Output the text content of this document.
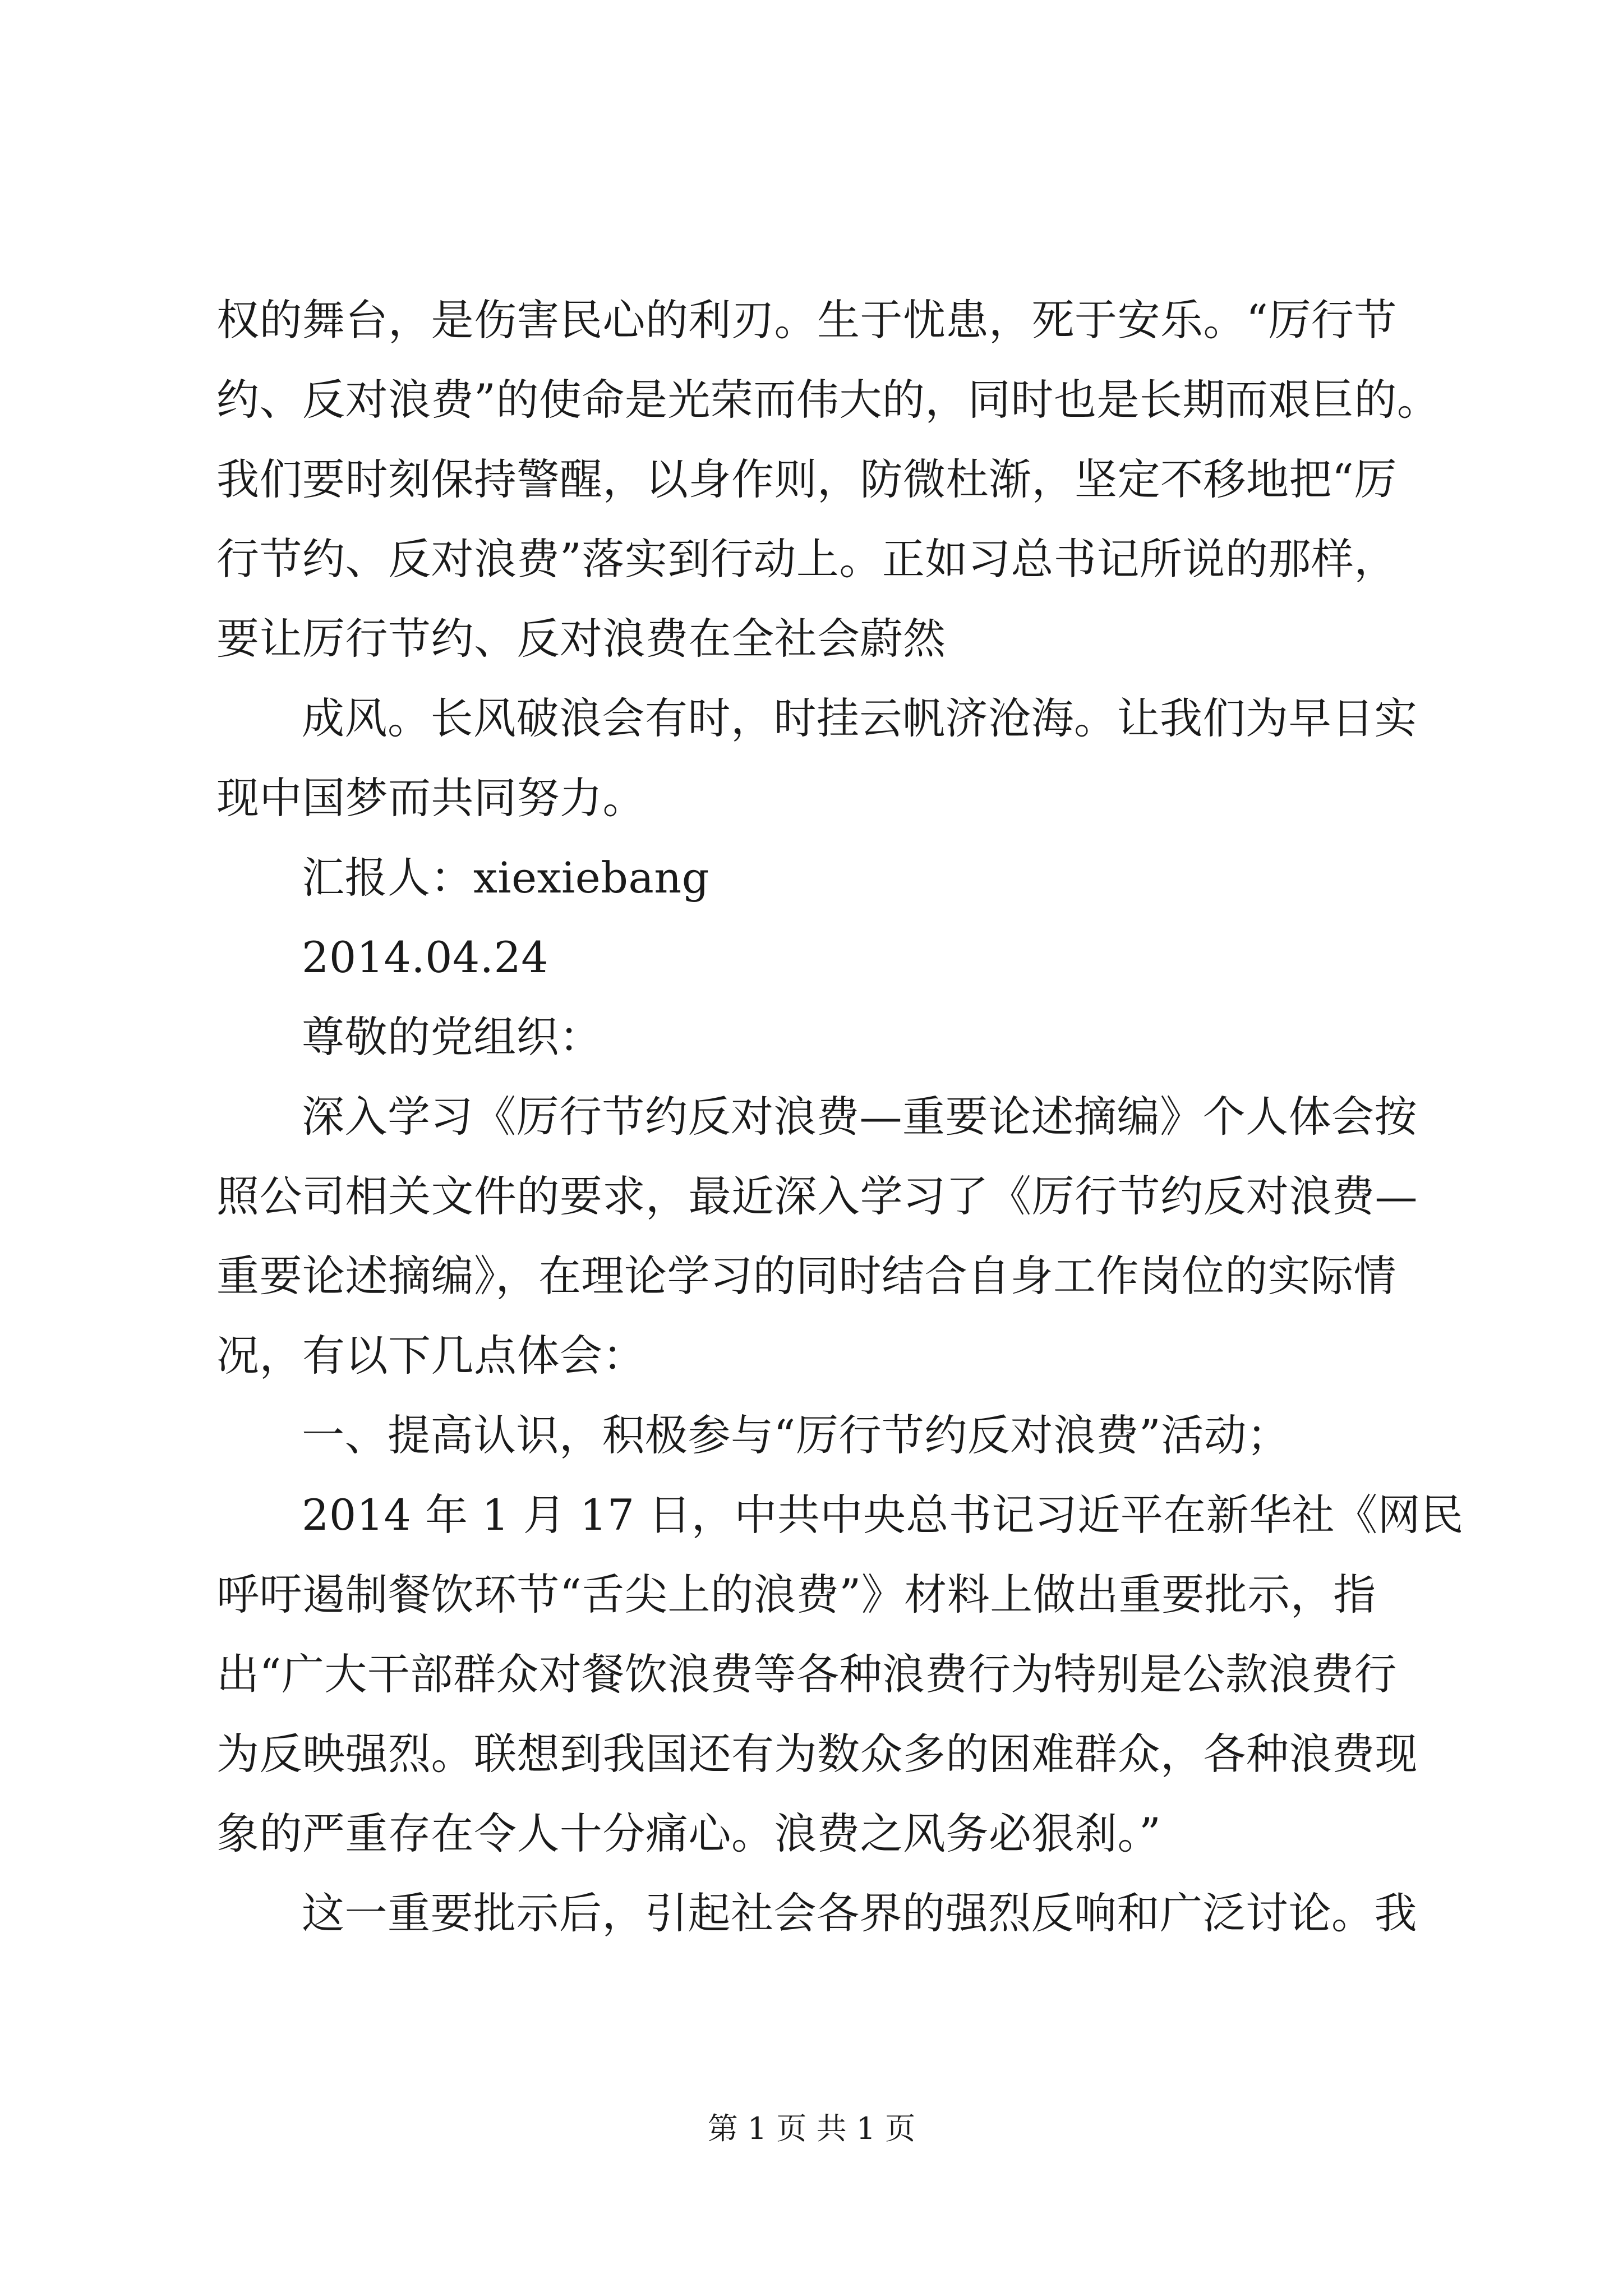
权的舞台，是伤害民心的利刃。生于忧患，死于安乐。“厉行节
约、反对浪费”的使命是光荣而伟大的，同时也是长期而艰巨的。
我们要时刻保持警醒，以身作则，防微杜渐，坚定不移地把“厉
行节约、反对浪费”落实到行动上。正如习总书记所说的那样，
要让厉行节约、反对浪费在全社会蔚然
成风。长风破浪会有时，时挂云帆济沧海。让我们为早日实
现中国梦而共同努力。
汇报人：xiexiebang
2014.04.24
尊敬的党组织：
深入学习《厉行节约反对浪费—重要论述摘编》个人体会按
照公司相关文件的要求，最近深入学习了《厉行节约反对浪费—
重要论述摘编》，在理论学习的同时结合自身工作岗位的实际情
况，有以下几点体会：
一、提高认识，积极参与“厉行节约反对浪费”活动；
2014 年 1 月 17 日，中共中央总书记习近平在新华社《网民
呼吁遏制餐饮环节“舌尖上的浪费”》材料上做出重要批示，指
出“广大干部群众对餐饮浪费等各种浪费行为特别是公款浪费行
为反映强烈。联想到我国还有为数众多的困难群众，各种浪费现
象的严重存在令人十分痛心。浪费之风务必狠刹。”
这一重要批示后，引起社会各界的强烈反响和广泛讨论。我
第 1 页 共 1 页
